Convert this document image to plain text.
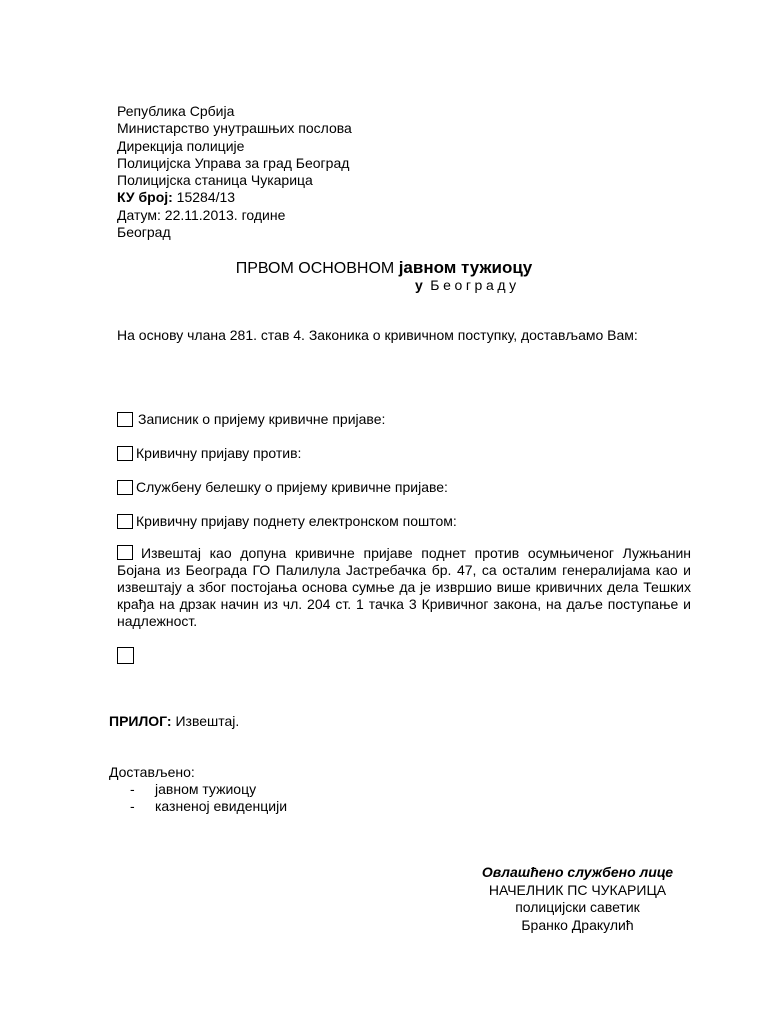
Република Србија
Министарство унутрашњих послова
Дирекција полиције
Полицијска Управа за град Београд
Полицијска станица Чукарица
КУ број: 15284/13
Датум: 22.11.2013. године
Београд
ПРВОМ ОСНОВНОМ јавном тужиоцу
у Београду
На основу члана 281. став 4. Законика о кривичном поступку, достављамо Вам:
Записник о пријему кривичне пријаве:
Кривичну пријаву против:
Службену белешку о пријему кривичне пријаве:
Кривичну пријаву поднету електронском поштом:
Извештај као допуна кривичне пријаве поднет против осумњиченог Лужњанин Бојана из Београда ГО Палилула Јастребачка бр. 47, са осталим генералијама као и извештају а због постојања основа сумње да је извршио више кривичних дела Тешких крађа на дрзак начин из чл. 204 ст. 1 тачка 3 Кривичног закона, на даље поступање и надлежност.
ПРИЛОГ: Извештај.
Достављено:
- јавном тужиоцу
- казненој евиденцији
Овлашћено службено лице
НАЧЕЛНИК ПС ЧУКАРИЦА
полицијски саветик
Бранко Дракулић
